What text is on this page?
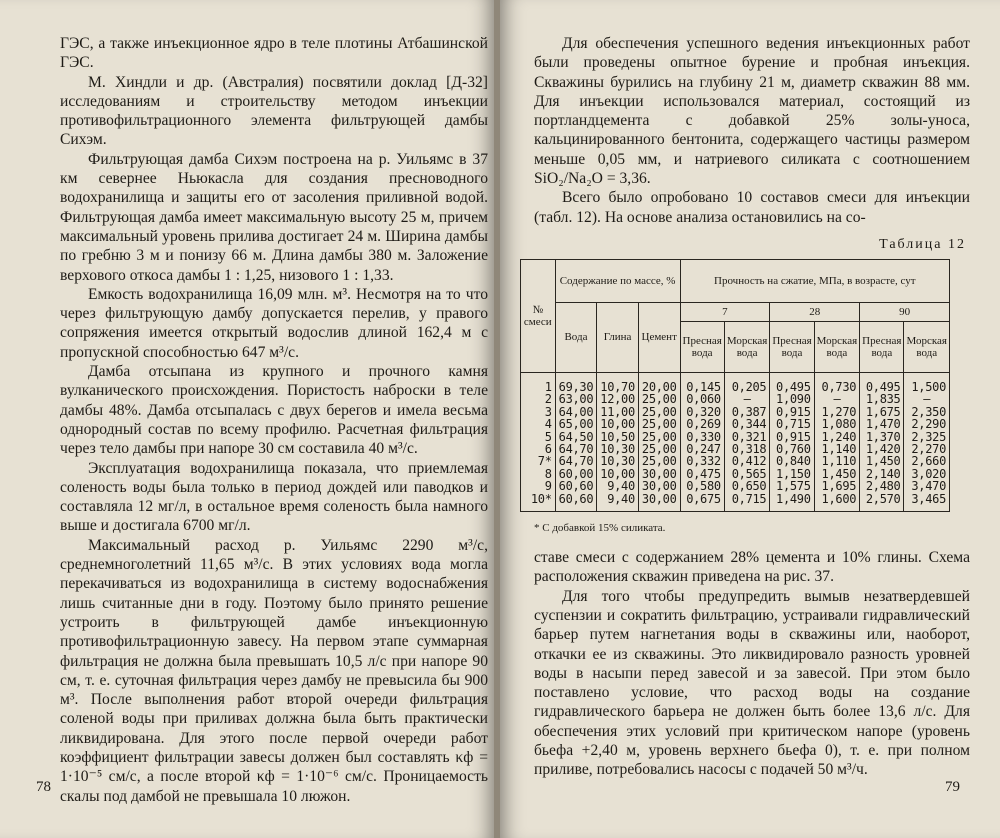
ГЭС, а также инъекционное ядро в теле плотины Атбашинской ГЭС.

М. Хиндли и др. (Австралия) посвятили доклад [Д-32] исследованиям и строительству методом инъекции противофильтрационного элемента фильтрующей дамбы Сихэм.

Фильтрующая дамба Сихэм построена на р. Уильямс в 37 км севернее Ньюкасла для создания пресноводного водохранилища и защиты его от засоления приливной водой. Фильтрующая дамба имеет максимальную высоту 25 м, причем максимальный уровень прилива достигает 24 м. Ширина дамбы по гребню 3 м и понизу 66 м. Длина дамбы 380 м. Заложение верхового откоса дамбы 1 : 1,25, низового 1 : 1,33.

Емкость водохранилища 16,09 млн. м³. Несмотря на то что через фильтрующую дамбу допускается перелив, у правого сопряжения имеется открытый водослив длиной 162,4 м с пропускной способностью 647 м³/с.

Дамба отсыпана из крупного и прочного камня вулканического происхождения. Пористость наброски в теле дамбы 48%. Дамба отсыпалась с двух берегов и имела весьма однородный состав по всему профилю. Расчетная фильтрация через тело дамбы при напоре 30 см составила 40 м³/с.

Эксплуатация водохранилища показала, что приемлемая соленость воды была только в период дождей или паводков и составляла 12 мг/л, в остальное время соленость была намного выше и достигала 6700 мг/л.

Максимальный расход р. Уильямс 2290 м³/с, среднемноголетний 11,65 м³/с. В этих условиях вода могла перекачиваться из водохранилища в систему водоснабжения лишь считанные дни в году. Поэтому было принято решение устроить в фильтрующей дамбе инъекционную противофильтрационную завесу. На первом этапе суммарная фильтрация не должна была превышать 10,5 л/с при напоре 90 см, т. е. суточная фильтрация через дамбу не превысила бы 900 м³. После выполнения работ второй очереди фильтрация соленой воды при приливах должна была быть практически ликвидирована. Для этого после первой очереди работ коэффициент фильтрации завесы должен был составлять κф = 1·10⁻⁵ см/с, а после второй κф = 1·10⁻⁶ см/с. Проницаемость скалы под дамбой не превышала 10 люжон.

78

Для обеспечения успешного ведения инъекционных работ были проведены опытное бурение и пробная инъекция. Скважины бурились на глубину 21 м, диаметр скважин 88 мм. Для инъекции использовался материал, состоящий из портландцемента с добавкой 25% золы-уноса, кальцинированного бентонита, содержащего частицы размером меньше 0,05 мм, и натриевого силиката с соотношением SiO₂/Na₂O = 3,36.

Всего было опробовано 10 составов смеси для инъекции (табл. 12). На основе анализа остановились на со-

Таблица 12
№ смеси	Содержание по массе, %			Прочность на сжатие, МПа, в возрасте, сут					
	Вода	Глина	Цемент	7		28		90	
				Пресная вода	Морская вода	Пресная вода	Морская вода	Пресная вода	Морская вода
1	69,30	10,70	20,00	0,145	0,205	0,495	0,730	0,495	1,500
2	63,00	12,00	25,00	0,060	—	1,090	—	1,835	—
3	64,00	11,00	25,00	0,320	0,387	0,915	1,270	1,675	2,350
4	65,00	10,00	25,00	0,269	0,344	0,715	1,080	1,470	2,290
5	64,50	10,50	25,00	0,330	0,321	0,915	1,240	1,370	2,325
6	64,70	10,30	25,00	0,247	0,318	0,760	1,140	1,420	2,270
7*	64,70	10,30	25,00	0,332	0,412	0,840	1,110	1,450	2,660
8	60,00	10,00	30,00	0,475	0,565	1,150	1,450	2,140	3,020
9	60,60	9,40	30,00	0,580	0,650	1,575	1,695	2,480	3,470
10*	60,60	9,40	30,00	0,675	0,715	1,490	1,600	2,570	3,465
* С добавкой 15% силиката.

ставе смеси с содержанием 28% цемента и 10% глины. Схема расположения скважин приведена на рис. 37.

Для того чтобы предупредить вымыв незатвердевшей суспензии и сократить фильтрацию, устраивали гидравлический барьер путем нагнетания воды в скважины или, наоборот, откачки ее из скважины. Это ликвидировало разность уровней воды в насыпи перед завесой и за завесой. При этом было поставлено условие, что расход воды на создание гидравлического барьера не должен быть более 13,6 л/с. Для обеспечения этих условий при критическом напоре (уровень бьефа +2,40 м, уровень верхнего бьефа 0), т. е. при полном приливе, потребовались насосы с подачей 50 м³/ч.

79
